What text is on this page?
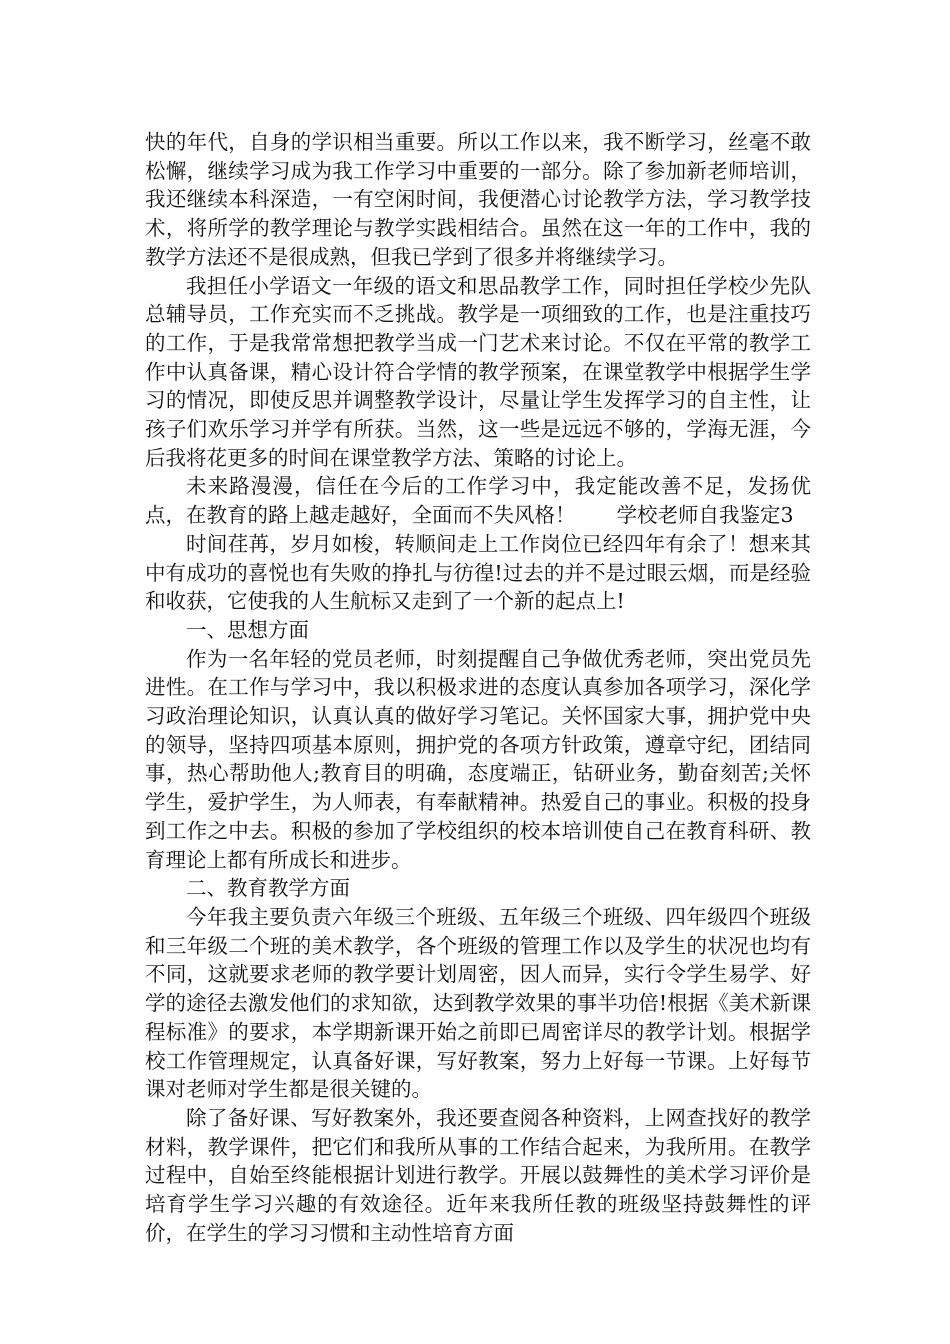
快的年代，自身的学识相当重要。所以工作以来，我不断学习，丝毫不敢松懈，继续学习成为我工作学习中重要的一部分。除了参加新老师培训，我还继续本科深造，一有空闲时间，我便潜心讨论教学方法，学习教学技术，将所学的教学理论与教学实践相结合。虽然在这一年的工作中，我的教学方法还不是很成熟，但我已学到了很多并将继续学习。

我担任小学语文一年级的语文和思品教学工作，同时担任学校少先队总辅导员，工作充实而不乏挑战。教学是一项细致的工作，也是注重技巧的工作，于是我常常想把教学当成一门艺术来讨论。不仅在平常的教学工作中认真备课，精心设计符合学情的教学预案，在课堂教学中根据学生学习的情况，即使反思并调整教学设计，尽量让学生发挥学习的自主性，让孩子们欢乐学习并学有所获。当然，这一些是远远不够的，学海无涯，今后我将花更多的时间在课堂教学方法、策略的讨论上。

未来路漫漫，信任在今后的工作学习中，我定能改善不足，发扬优点，在教育的路上越走越好，全面而不失风格！　　学校老师自我鉴定3

时间荏苒，岁月如梭，转顺间走上工作岗位已经四年有余了！想来其中有成功的喜悦也有失败的挣扎与彷徨!过去的并不是过眼云烟，而是经验和收获，它使我的人生航标又走到了一个新的起点上!

一、思想方面

作为一名年轻的党员老师，时刻提醒自己争做优秀老师，突出党员先进性。在工作与学习中，我以积极求进的态度认真参加各项学习，深化学习政治理论知识，认真认真的做好学习笔记。关怀国家大事，拥护党中央的领导，坚持四项基本原则，拥护党的各项方针政策，遵章守纪，团结同事，热心帮助他人;教育目的明确，态度端正，钻研业务，勤奋刻苦;关怀学生，爱护学生，为人师表，有奉献精神。热爱自己的事业。积极的投身到工作之中去。积极的参加了学校组织的校本培训使自己在教育科研、教育理论上都有所成长和进步。

二、教育教学方面

今年我主要负责六年级三个班级、五年级三个班级、四年级四个班级和三年级二个班的美术教学，各个班级的管理工作以及学生的状况也均有不同，这就要求老师的教学要计划周密，因人而异，实行令学生易学、好学的途径去激发他们的求知欲，达到教学效果的事半功倍!根据《美术新课程标准》的要求，本学期新课开始之前即已周密详尽的教学计划。根据学校工作管理规定，认真备好课，写好教案，努力上好每一节课。上好每节课对老师对学生都是很关键的。

除了备好课、写好教案外，我还要查阅各种资料，上网查找好的教学材料，教学课件，把它们和我所从事的工作结合起来，为我所用。在教学过程中，自始至终能根据计划进行教学。开展以鼓舞性的美术学习评价是培育学生学习兴趣的有效途径。近年来我所任教的班级坚持鼓舞性的评价，在学生的学习习惯和主动性培育方面
